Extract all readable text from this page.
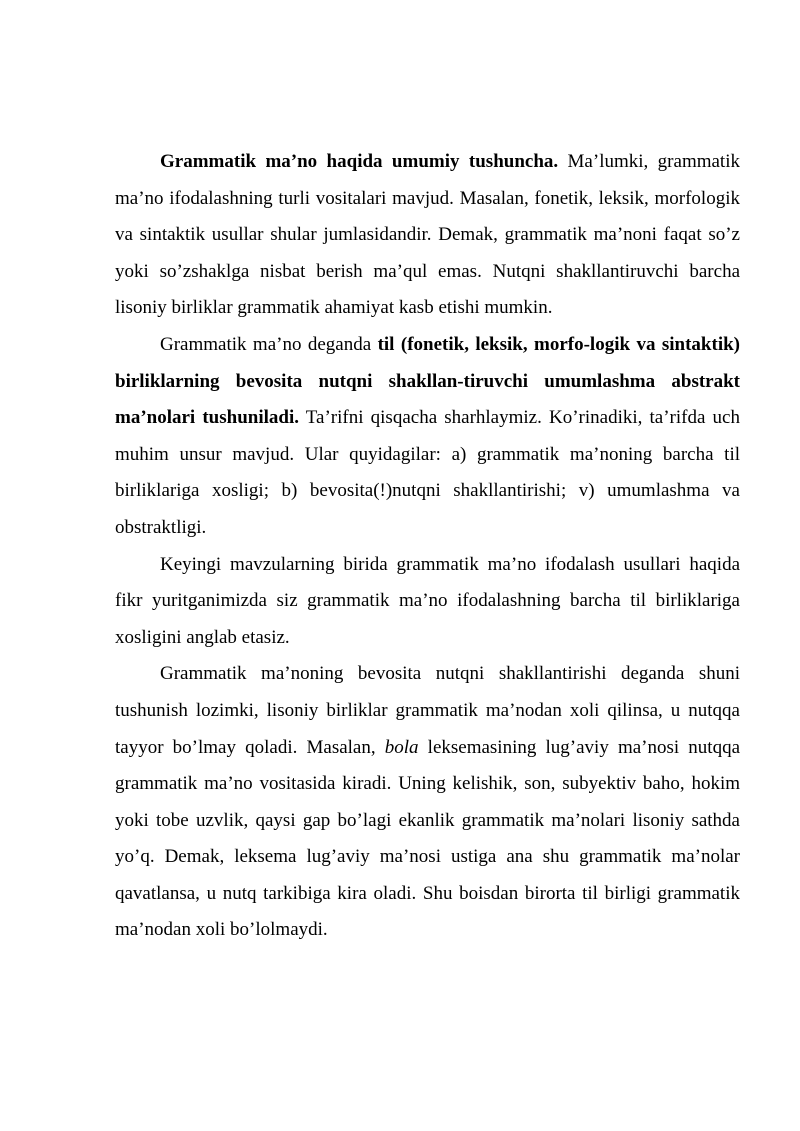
Grammatik ma’no haqida umumiy tushuncha. Ma’lumki, grammatik ma’no ifodalashning turli vositalari mavjud. Masalan, fonetik, leksik, morfologik va sintaktik usullar shular jumlasidandir. Demak, grammatik ma’noni faqat so’z yoki so’zshaklga nisbat berish ma’qul emas. Nutqni shakllantiruvchi barcha lisoniy birliklar grammatik ahamiyat kasb etishi mumkin.

Grammatik ma’no deganda til (fonetik, leksik, morfo-logik va sintaktik) birliklarning bevosita nutqni shakllan-tiruvchi umumlashma abstrakt ma’nolari tushuniladi. Ta’rifni qisqacha sharhlaymiz. Ko’rinadiki, ta’rifda uch muhim unsur mavjud. Ular quyidagilar: a) grammatik ma’noning barcha til birliklariga xosligi; b) bevosita(!)nutqni shakllantirishi; v) umumlashma va obstraktligi.

Keyingi mavzularning birida grammatik ma’no ifodalash usullari haqida fikr yuritganimizda siz grammatik ma’no ifodalashning barcha til birliklariga xosligini anglab etasiz.

Grammatik ma’noning bevosita nutqni shakllantirishi deganda shuni tushunish lozimki, lisoniy birliklar grammatik ma’nodan xoli qilinsa, u nutqqa tayyor bo’lmay qoladi. Masalan, bola leksemasining lug’aviy ma’nosi nutqqa grammatik ma’no vositasida kiradi. Uning kelishik, son, subyektiv baho, hokim yoki tobe uzvlik, qaysi gap bo’lagi ekanlik grammatik ma’nolari lisoniy sathda yo’q. Demak, leksema lug’aviy ma’nosi ustiga ana shu grammatik ma’nolar qavatlansa, u nutq tarkibiga kira oladi. Shu boisdan birorta til birligi grammatik ma’nodan xoli bo’lolmaydi.
